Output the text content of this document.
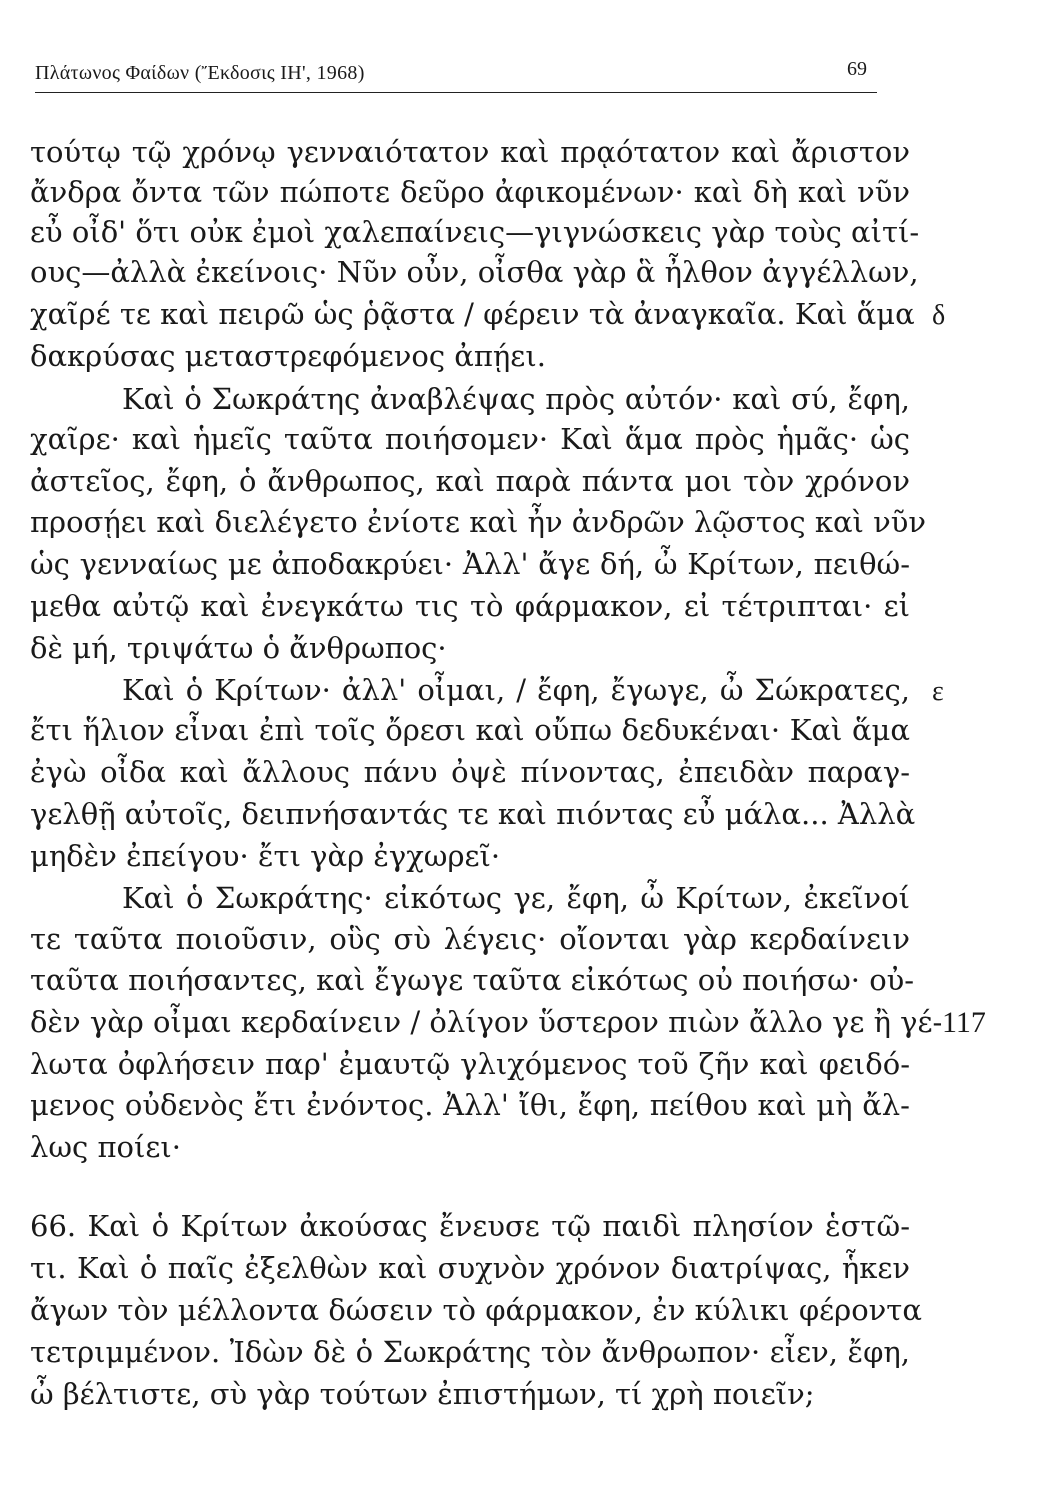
Πλάτωνος Φαίδων (Ἔκδοσις ΙΗ', 1968)	69
τούτῳ τῷ χρόνῳ γενναιότατον καὶ πρᾳότατον καὶ ἄριστον
ἄνδρα ὄντα τῶν πώποτε δεῦρο ἀφικομένων· καὶ δὴ καὶ νῦν
εὖ οἶδ' ὅτι οὐκ ἐμοὶ χαλεπαίνεις—γιγνώσκεις γὰρ τοὺς αἰτί-
ους—ἀλλὰ ἐκείνοις· Νῦν οὖν, οἶσθα γὰρ ἃ ἦλθον ἀγγέλλων,
χαῖρέ τε καὶ πειρῶ ὡς ῥᾷστα / φέρειν τὰ ἀναγκαῖα. Καὶ ἅμα
δακρύσας μεταστρεφόμενος ἀπῄει.
Καὶ ὁ Σωκράτης ἀναβλέψας πρὸς αὐτόν· καὶ σύ, ἔφη,
χαῖρε· καὶ ἡμεῖς ταῦτα ποιήσομεν· Καὶ ἅμα πρὸς ἡμᾶς· ὡς
ἀστεῖος, ἔφη, ὁ ἄνθρωπος, καὶ παρὰ πάντα μοι τὸν χρόνον
προσῄει καὶ διελέγετο ἐνίοτε καὶ ἦν ἀνδρῶν λῷστος καὶ νῦν
ὡς γενναίως με ἀποδακρύει· Ἀλλ' ἄγε δή, ὦ Κρίτων, πειθώ-
μεθα αὐτῷ καὶ ἐνεγκάτω τις τὸ φάρμακον, εἰ τέτριπται· εἰ
δὲ μή, τριψάτω ὁ ἄνθρωπος·
Καὶ ὁ Κρίτων· ἀλλ' οἶμαι, / ἔφη, ἔγωγε, ὦ Σώκρατες,
ἔτι ἥλιον εἶναι ἐπὶ τοῖς ὄρεσι καὶ οὔπω δεδυκέναι· Καὶ ἅμα
ἐγὼ οἶδα καὶ ἄλλους πάνυ ὀψὲ πίνοντας, ἐπειδὰν παραγ-
γελθῇ αὐτοῖς, δειπνήσαντάς τε καὶ πιόντας εὖ μάλα... Ἀλλὰ
μηδὲν ἐπείγου· ἔτι γὰρ ἐγχωρεῖ·
Καὶ ὁ Σωκράτης· εἰκότως γε, ἔφη, ὦ Κρίτων, ἐκεῖνοί
τε ταῦτα ποιοῦσιν, οὓς σὺ λέγεις· οἴονται γὰρ κερδαίνειν
ταῦτα ποιήσαντες, καὶ ἔγωγε ταῦτα εἰκότως οὐ ποιήσω· οὐ-
δὲν γὰρ οἶμαι κερδαίνειν / ὀλίγον ὕστερον πιὼν ἄλλο γε ἢ γέ-
λωτα ὀφλήσειν παρ' ἐμαυτῷ γλιχόμενος τοῦ ζῆν καὶ φειδό-
μενος οὐδενὸς ἔτι ἐνόντος. Ἀλλ' ἴθι, ἔφη, πείθου καὶ μὴ ἄλ-
λως ποίει·
66. Καὶ ὁ Κρίτων ἀκούσας ἔνευσε τῷ παιδὶ πλησίον ἑστῶ-
τι. Καὶ ὁ παῖς ἐξελθὼν καὶ συχνὸν χρόνον διατρίψας, ἧκεν
ἄγων τὸν μέλλοντα δώσειν τὸ φάρμακον, ἐν κύλικι φέροντα
τετριμμένον. Ἰδὼν δὲ ὁ Σωκράτης τὸν ἄνθρωπον· εἶεν, ἔφη,
ὦ βέλτιστε, σὺ γὰρ τούτων ἐπιστήμων, τί χρὴ ποιεῖν;
δ
ε
117
